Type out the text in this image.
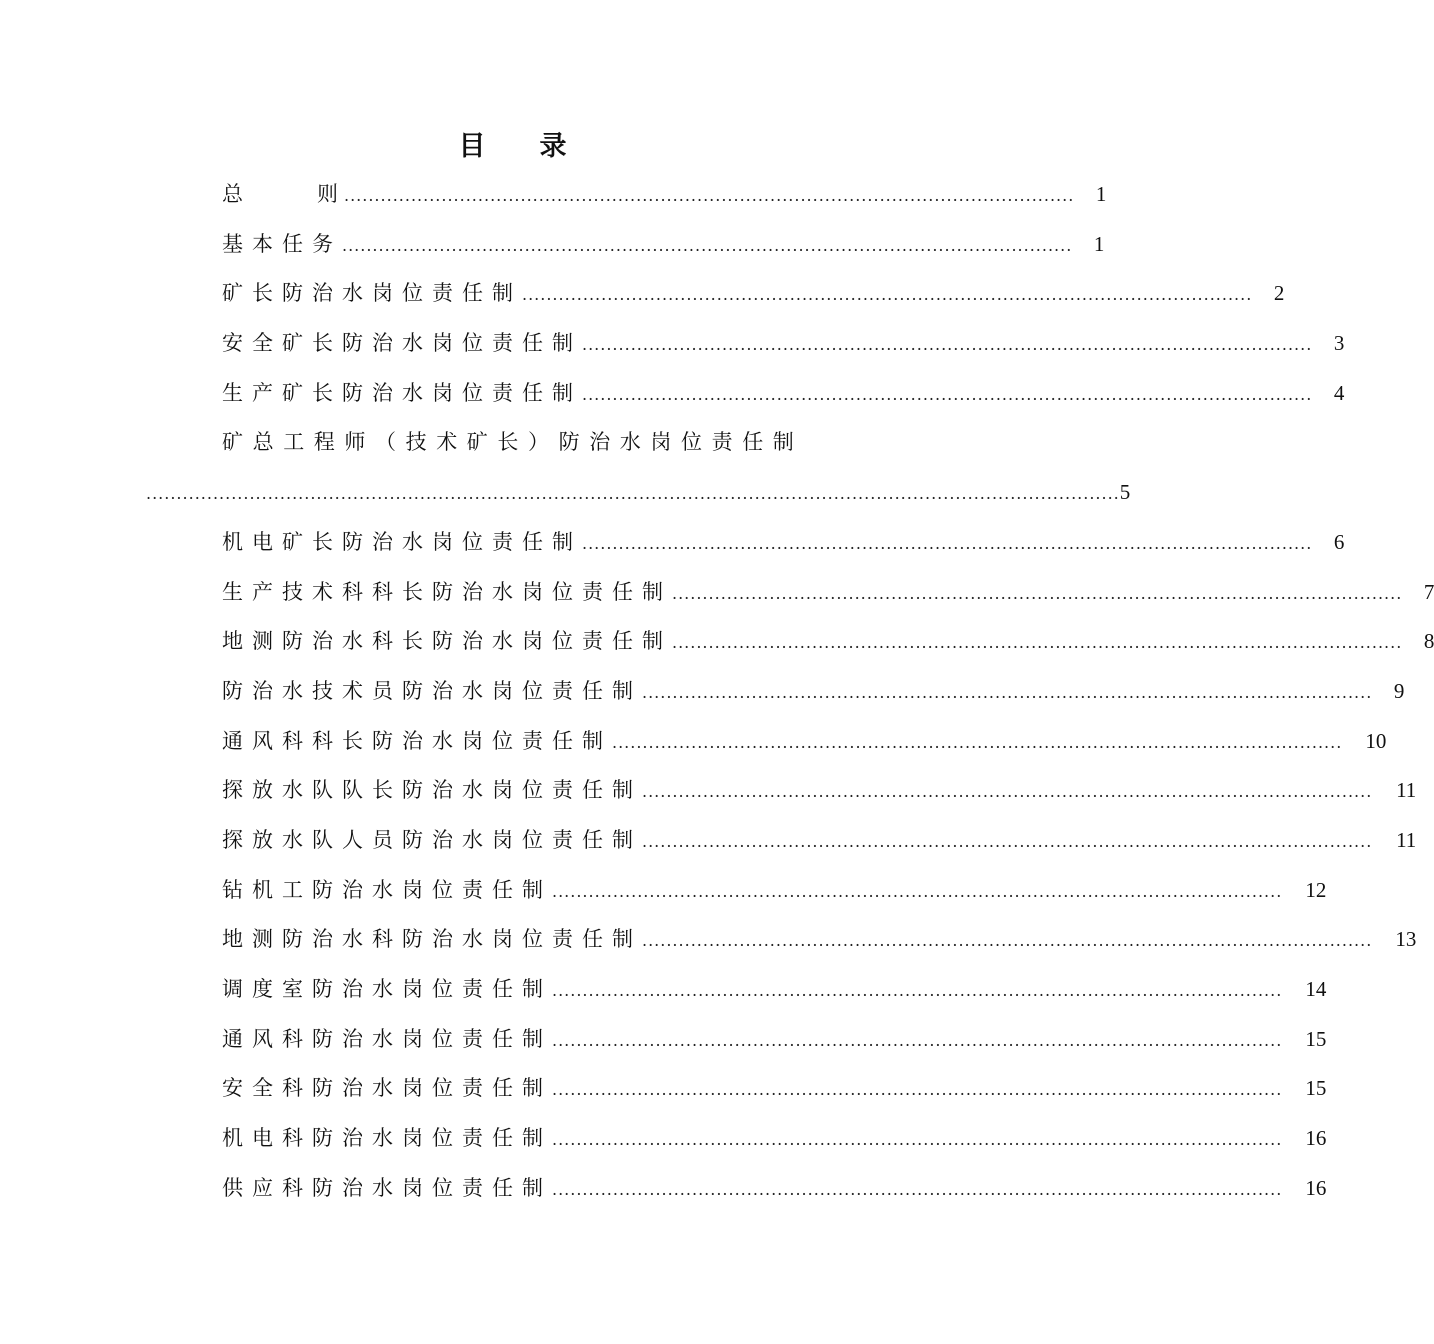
目 录
总	则 ........................................................................................................................	1
基本任务 ........................................................................................................................	1
矿长防治水岗位责任制 ........................................................................................................................	2
安全矿长防治水岗位责任制 ........................................................................................................................	3
生产矿长防治水岗位责任制 ........................................................................................................................	4
矿总工程师（技术矿长）防治水岗位责任制
................................................................................................................................................................ 5
机电矿长防治水岗位责任制 ........................................................................................................................	6
生产技术科科长防治水岗位责任制 ........................................................................................................................	7
地测防治水科长防治水岗位责任制 ........................................................................................................................	8
防治水技术员防治水岗位责任制 ........................................................................................................................	9
通风科科长防治水岗位责任制 ........................................................................................................................	10
探放水队队长防治水岗位责任制 ........................................................................................................................	11
探放水队人员防治水岗位责任制 ........................................................................................................................	11
钻机工防治水岗位责任制 ........................................................................................................................	12
地测防治水科防治水岗位责任制 ........................................................................................................................	13
调度室防治水岗位责任制 ........................................................................................................................	14
通风科防治水岗位责任制 ........................................................................................................................	15
安全科防治水岗位责任制 ........................................................................................................................	15
机电科防治水岗位责任制 ........................................................................................................................	16
供应科防治水岗位责任制 ........................................................................................................................	16
